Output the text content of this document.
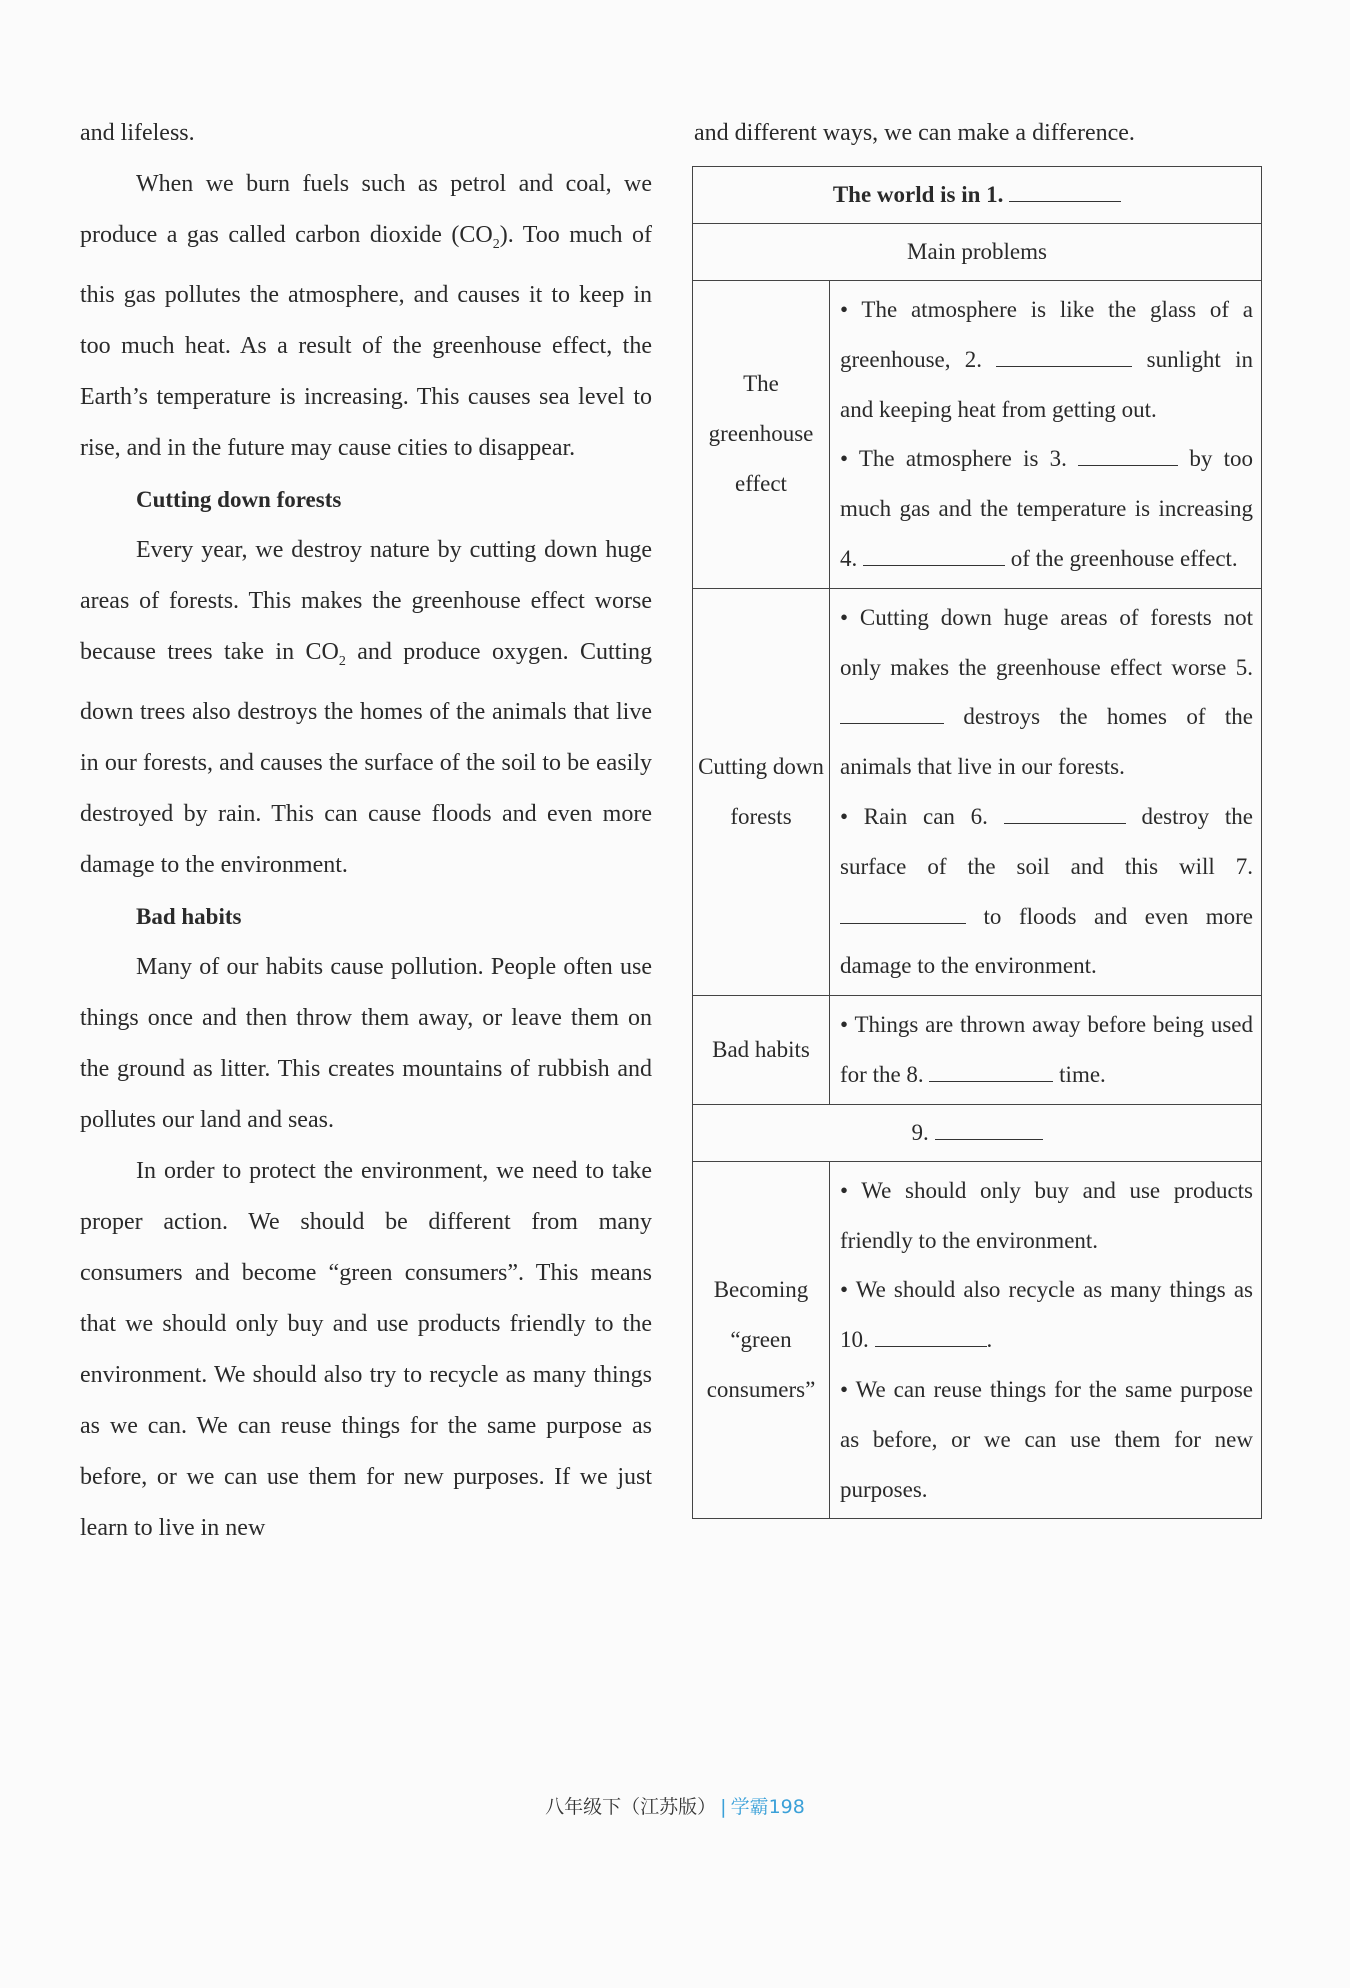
and lifeless.

When we burn fuels such as petrol and coal, we produce a gas called carbon dioxide $(CO_2)$. Too much of this gas pollutes the atmosphere, and causes it to keep in too much heat. As a result of the greenhouse effect, the Earth’s temperature is increasing. This causes sea level to rise, and in the future may cause cities to disappear.

Cutting down forests

Every year, we destroy nature by cutting down huge areas of forests. This makes the greenhouse effect worse because trees take in $CO_2$ and produce oxygen. Cutting down trees also destroys the homes of the animals that live in our forests, and causes the surface of the soil to be easily destroyed by rain. This can cause floods and even more damage to the environment.

Bad habits

Many of our habits cause pollution. People often use things once and then throw them away, or leave them on the ground as litter. This creates mountains of rubbish and pollutes our land and seas.

In order to protect the environment, we need to take proper action. We should be different from many consumers and become “green consumers”. This means that we should only buy and use products friendly to the environment. We should also try to recycle as many things as we can. We can reuse things for the same purpose as before, or we can use them for new purposes. If we just learn to live in new

and different ways, we can make a difference.

The world is in 1.	
Main problems	
The greenhouse effect	• The atmosphere is like the glass of a greenhouse, 2. sunlight in and keeping heat from getting out.

• The atmosphere is 3. by too much gas and the temperature is increasing 4. of the greenhouse effect.

Cutting down forests	• Cutting down huge areas of forests not only makes the greenhouse effect worse 5.  destroys the homes of the animals that live in our forests.

• Rain can 6. destroy the surface of the soil and this will 7.  to floods and even more damage to the environment.

Bad habits	• Things are thrown away before being used for the 8. time.

9.	
Becoming “green consumers”	• We should only buy and use products friendly to the environment.

• We should also recycle as many things as 10. .

• We can reuse things for the same purpose as before, or we can use them for new purposes.

八年级下（江苏版） | 学霸198
